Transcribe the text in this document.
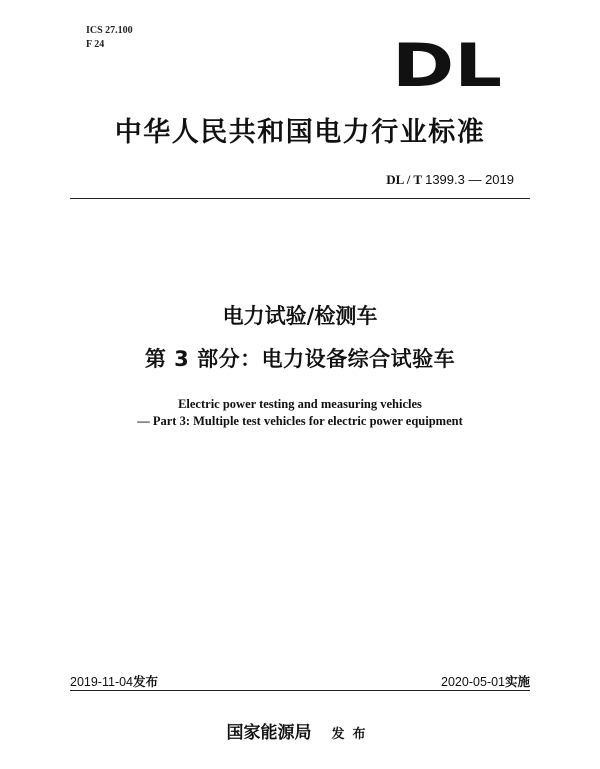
ICS 27.100
F 24	DL
中华人民共和国电力行业标准
DL / T 1399.3 — 2019
电力试验/检测车
第 3 部分：电力设备综合试验车
Electric power testing and measuring vehicles
— Part 3: Multiple test vehicles for electric power equipment
2019-11-04发布	2020-05-01实施
国家能源局 发布
